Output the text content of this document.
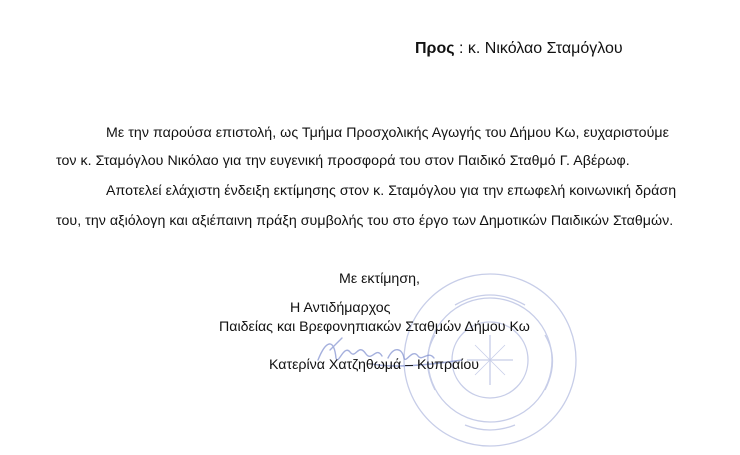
Προς : κ. Νικόλαο Σταμόγλου
Με την παρούσα επιστολή, ως Τμήμα Προσχολικής Αγωγής του Δήμου Κω, ευχαριστούμε
τον κ. Σταμόγλου Νικόλαο για την ευγενική προσφορά του στον Παιδικό Σταθμό Γ. Αβέρωφ.
Αποτελεί ελάχιστη ένδειξη εκτίμησης στον κ. Σταμόγλου για την επωφελή κοινωνική δράση
του, την αξιόλογη και αξιέπαινη πράξη συμβολής του στο έργο των Δημοτικών Παιδικών Σταθμών.
Με εκτίμηση,
Η Αντιδήμαρχος
Παιδείας και Βρεφονηπιακών Σταθμών Δήμου Κω
Κατερίνα Χατζηθωμά – Κυπραίου
